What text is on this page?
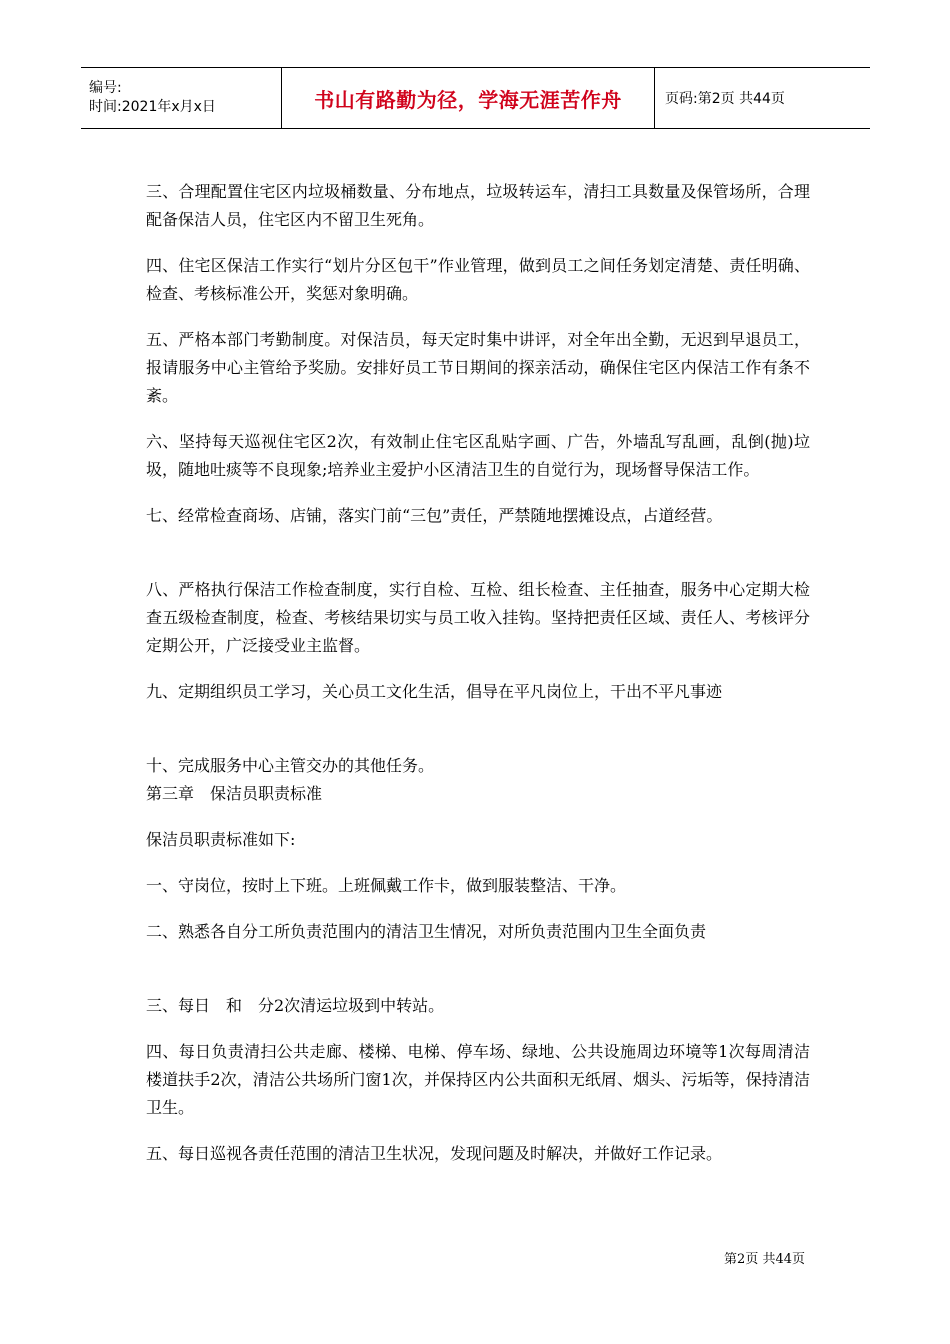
编号:
时间:2021年x月x日	书山有路勤为径，学海无涯苦作舟	页码:第2页 共44页

三、合理配置住宅区内垃圾桶数量、分布地点，垃圾转运车，清扫工具数量及保管场所，合理配备保洁人员，住宅区内不留卫生死角。

四、住宅区保洁工作实行“划片分区包干”作业管理，做到员工之间任务划定清楚、责任明确、检查、考核标准公开，奖惩对象明确。

五、严格本部门考勤制度。对保洁员，每天定时集中讲评，对全年出全勤，无迟到早退员工，报请服务中心主管给予奖励。安排好员工节日期间的探亲活动，确保住宅区内保洁工作有条不紊。

六、坚持每天巡视住宅区2次，有效制止住宅区乱贴字画、广告，外墙乱写乱画，乱倒(抛)垃圾，随地吐痰等不良现象;培养业主爱护小区清洁卫生的自觉行为，现场督导保洁工作。

七、经常检查商场、店铺，落实门前“三包”责任，严禁随地摆摊设点，占道经营。

八、严格执行保洁工作检查制度，实行自检、互检、组长检查、主任抽查，服务中心定期大检查五级检查制度，检查、考核结果切实与员工收入挂钩。坚持把责任区域、责任人、考核评分定期公开，广泛接受业主监督。

九、定期组织员工学习，关心员工文化生活，倡导在平凡岗位上，干出不平凡事迹

十、完成服务中心主管交办的其他任务。

第三章　保洁员职责标准

保洁员职责标准如下:

一、守岗位，按时上下班。上班佩戴工作卡，做到服装整洁、干净。

二、熟悉各自分工所负责范围内的清洁卫生情况，对所负责范围内卫生全面负责

三、每日　和　分2次清运垃圾到中转站。

四、每日负责清扫公共走廊、楼梯、电梯、停车场、绿地、公共设施周边环境等1次每周清洁楼道扶手2次，清洁公共场所门窗1次，并保持区内公共面积无纸屑、烟头、污垢等，保持清洁卫生。

五、每日巡视各责任范围的清洁卫生状况，发现问题及时解决，并做好工作记录。

第2页 共44页
